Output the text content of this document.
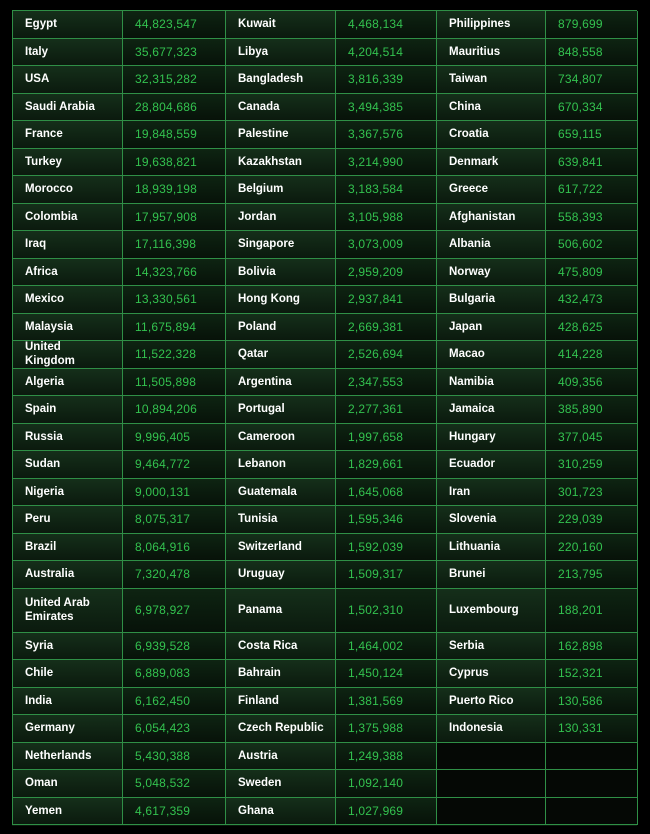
Egypt	44,823,547	Kuwait	4,468,134	Philippines	879,699
Italy	35,677,323	Libya	4,204,514	Mauritius	848,558
USA	32,315,282	Bangladesh	3,816,339	Taiwan	734,807
Saudi Arabia	28,804,686	Canada	3,494,385	China	670,334
France	19,848,559	Palestine	3,367,576	Croatia	659,115
Turkey	19,638,821	Kazakhstan	3,214,990	Denmark	639,841
Morocco	18,939,198	Belgium	3,183,584	Greece	617,722
Colombia	17,957,908	Jordan	3,105,988	Afghanistan	558,393
Iraq	17,116,398	Singapore	3,073,009	Albania	506,602
Africa	14,323,766	Bolivia	2,959,209	Norway	475,809
Mexico	13,330,561	Hong Kong	2,937,841	Bulgaria	432,473
Malaysia	11,675,894	Poland	2,669,381	Japan	428,625
United Kingdom	11,522,328	Qatar	2,526,694	Macao	414,228
Algeria	11,505,898	Argentina	2,347,553	Namibia	409,356
Spain	10,894,206	Portugal	2,277,361	Jamaica	385,890
Russia	9,996,405	Cameroon	1,997,658	Hungary	377,045
Sudan	9,464,772	Lebanon	1,829,661	Ecuador	310,259
Nigeria	9,000,131	Guatemala	1,645,068	Iran	301,723
Peru	8,075,317	Tunisia	1,595,346	Slovenia	229,039
Brazil	8,064,916	Switzerland	1,592,039	Lithuania	220,160
Australia	7,320,478	Uruguay	1,509,317	Brunei	213,795
United Arab Emirates	6,978,927	Panama	1,502,310	Luxembourg	188,201
Syria	6,939,528	Costa Rica	1,464,002	Serbia	162,898
Chile	6,889,083	Bahrain	1,450,124	Cyprus	152,321
India	6,162,450	Finland	1,381,569	Puerto Rico	130,586
Germany	6,054,423	Czech Republic	1,375,988	Indonesia	130,331
Netherlands	5,430,388	Austria	1,249,388
Oman	5,048,532	Sweden	1,092,140
Yemen	4,617,359	Ghana	1,027,969
